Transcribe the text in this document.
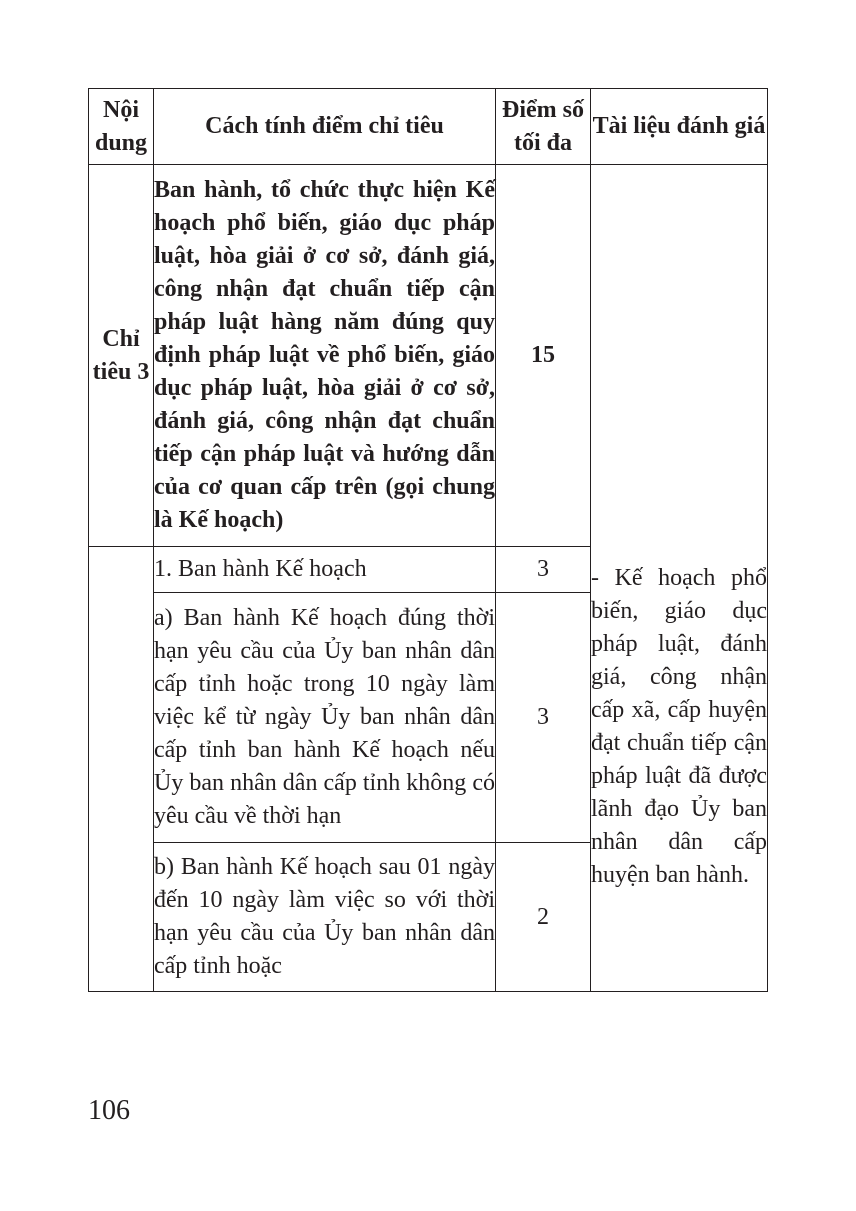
Nội dung	Cách tính điểm chỉ tiêu	Điểm số tối đa	Tài liệu đánh giá
Chỉ tiêu 3	Ban hành, tổ chức thực hiện Kế hoạch phổ biến, giáo dục pháp luật, hòa giải ở cơ sở, đánh giá, công nhận đạt chuẩn tiếp cận pháp luật hàng năm đúng quy định pháp luật về phổ biến, giáo dục pháp luật, hòa giải ở cơ sở, đánh giá, công nhận đạt chuẩn tiếp cận pháp luật và hướng dẫn của cơ quan cấp trên (gọi chung là Kế hoạch)	15	- Kế hoạch phổ biến, giáo dục pháp luật, đánh giá, công nhận cấp xã, cấp huyện đạt chuẩn tiếp cận pháp luật đã được lãnh đạo Ủy ban nhân dân cấp huyện ban hành.

	1. Ban hành Kế hoạch	3	
	a) Ban hành Kế hoạch đúng thời hạn yêu cầu của Ủy ban nhân dân cấp tỉnh hoặc trong 10 ngày làm việc kể từ ngày Ủy ban nhân dân cấp tỉnh ban hành Kế hoạch nếu Ủy ban nhân dân cấp tỉnh không có yêu cầu về thời hạn	3	
	b) Ban hành Kế hoạch sau 01 ngày đến 10 ngày làm việc so với thời hạn yêu cầu của Ủy ban nhân dân cấp tỉnh hoặc	2	
106
